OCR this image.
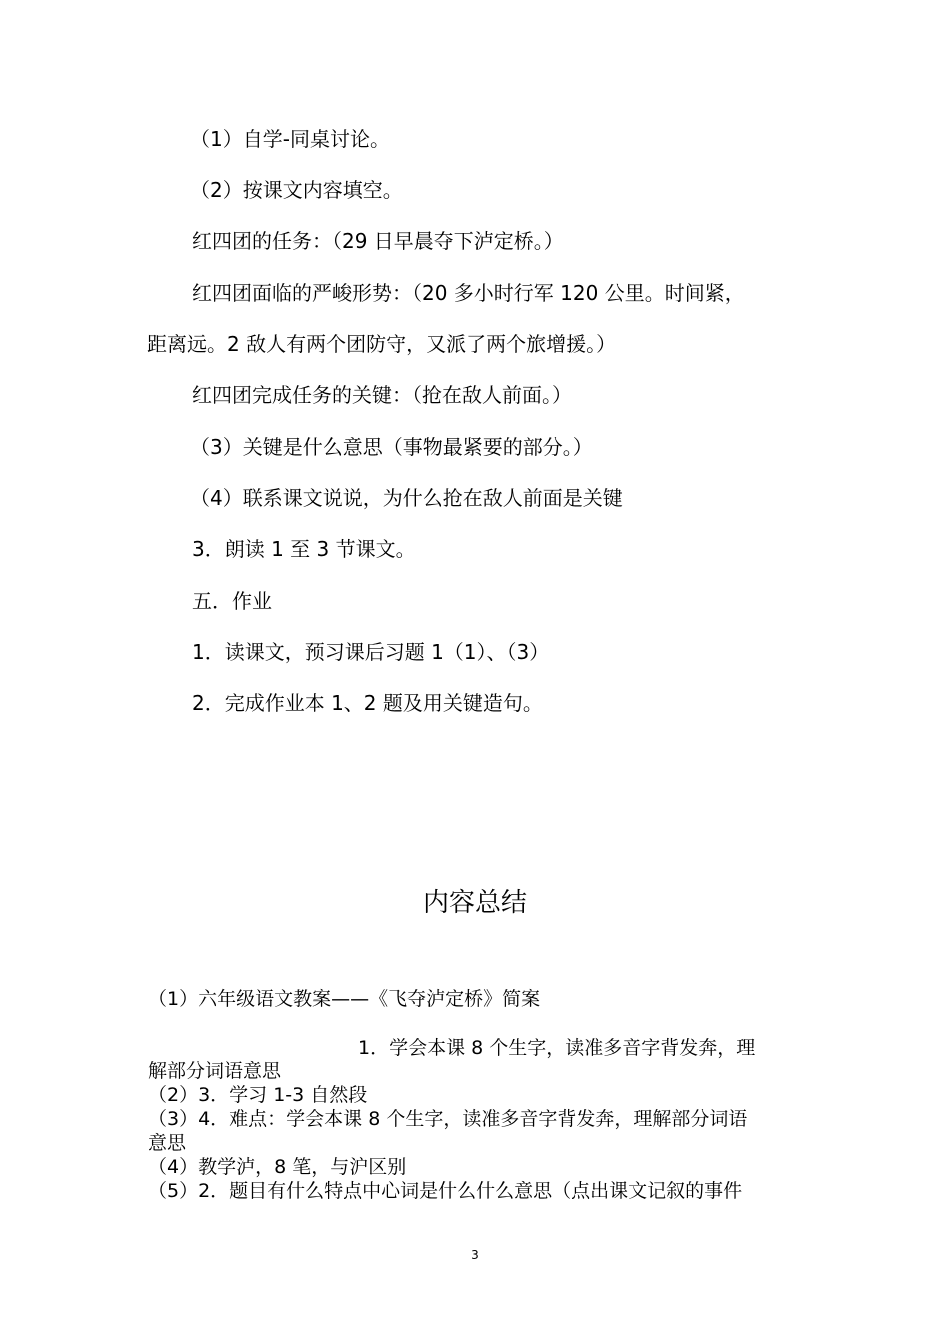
（1）自学-同桌讨论。
（2）按课文内容填空。
红四团的任务：（29 日早晨夺下泸定桥。）
红四团面临的严峻形势：（20 多小时行军 120 公里。时间紧，
距离远。2 敌人有两个团防守，又派了两个旅增援。）
红四团完成任务的关键：（抢在敌人前面。）
（3）关键是什么意思（事物最紧要的部分。）
（4）联系课文说说，为什么抢在敌人前面是关键
3．朗读 1 至 3 节课文。
五．作业
1．读课文，预习课后习题 1（1）、（3）
2．完成作业本 1、2 题及用关键造句。
内容总结
（1）六年级语文教案——《飞夺泸定桥》简案
1．学会本课 8 个生字，读准多音字背发奔，理
解部分词语意思
（2）3．学习 1-3 自然段
（3）4．难点：学会本课 8 个生字，读准多音字背发奔，理解部分词语
意思
（4）教学泸，8 笔，与沪区别
（5）2．题目有什么特点中心词是什么什么意思（点出课文记叙的事件
3
